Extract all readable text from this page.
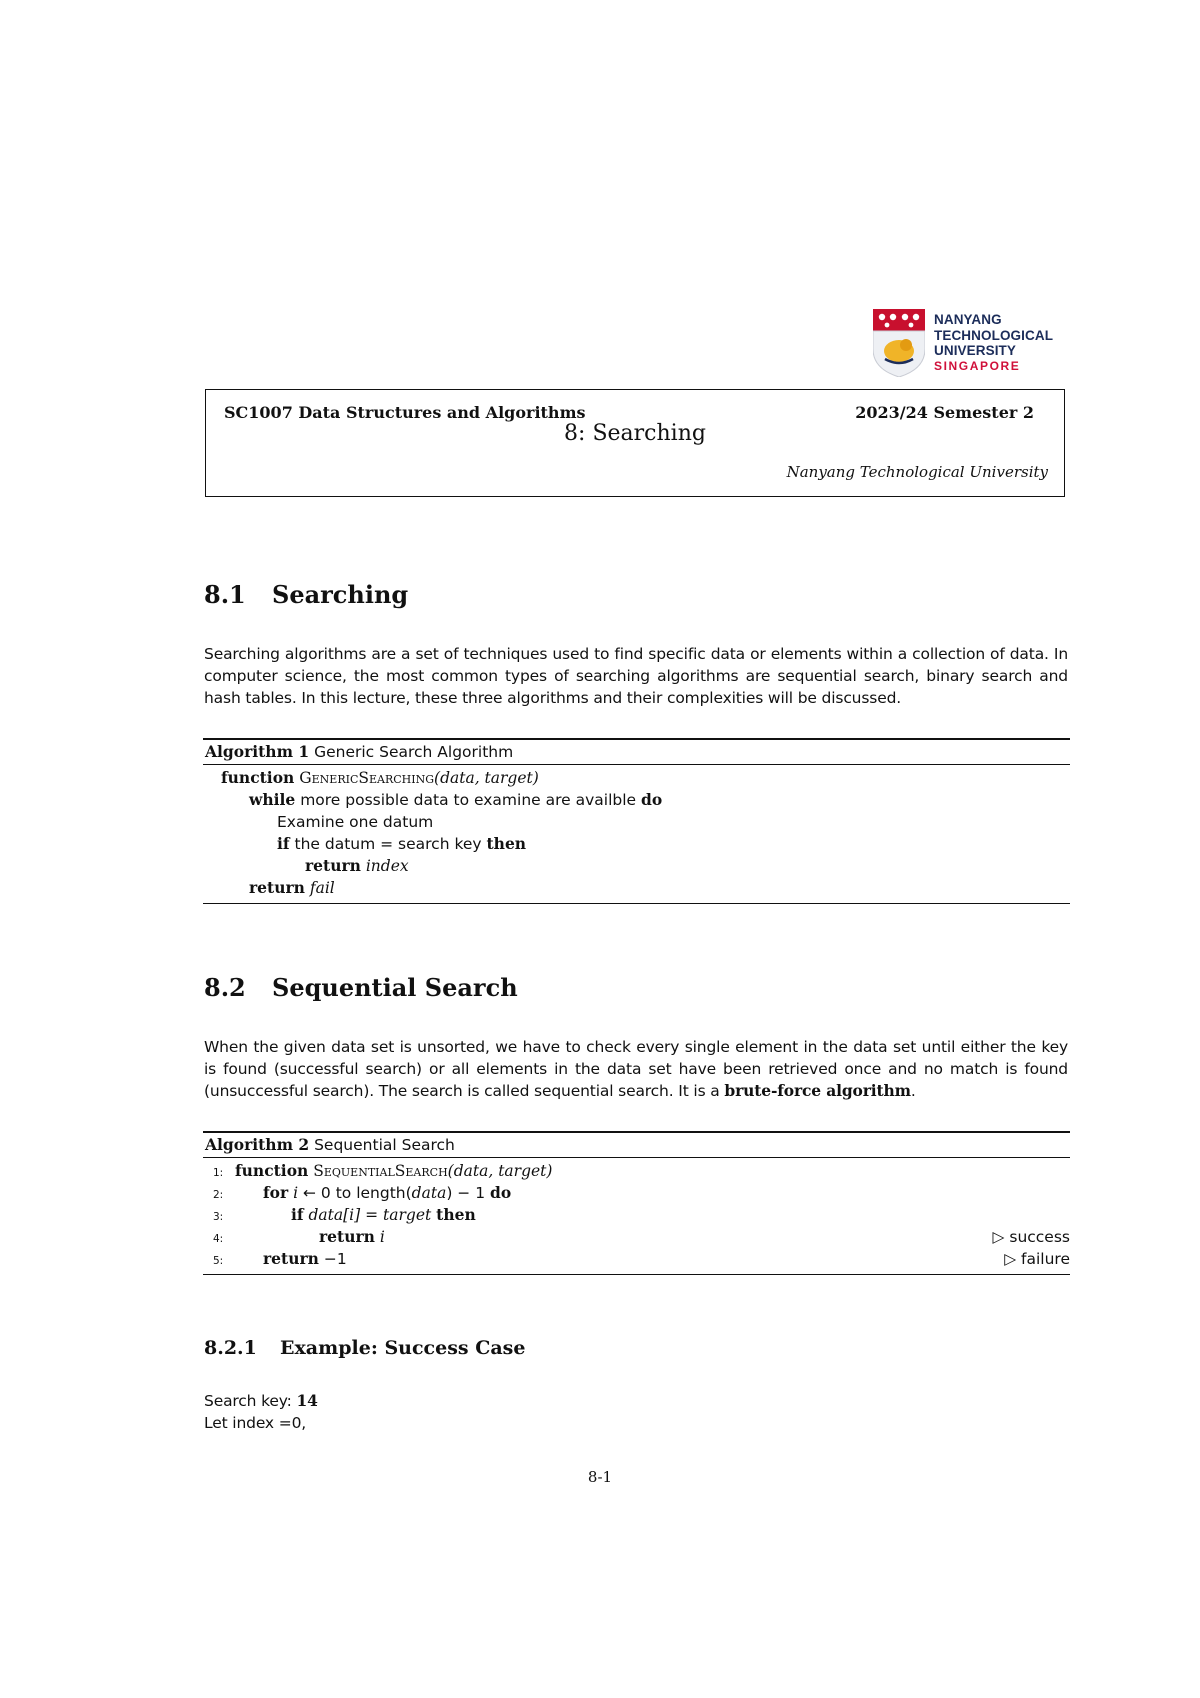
NANYANG
TECHNOLOGICAL
UNIVERSITY
SINGAPORE
SC1007 Data Structures and Algorithms	2023/24 Semester 2
8: Searching
Nanyang Technological University
8.1 Searching
Searching algorithms are a set of techniques used to find specific data or elements within a collection of data. In computer science, the most common types of searching algorithms are sequential search, binary search and hash tables. In this lecture, these three algorithms and their complexities will be discussed.
Algorithm 1 Generic Search Algorithm
function GenericSearching(data, target)
while more possible data to examine are availble do
Examine one datum
if the datum = search key then
return index
return fail
8.2 Sequential Search
When the given data set is unsorted, we have to check every single element in the data set until either the key is found (successful search) or all elements in the data set have been retrieved once and no match is found (unsuccessful search). The search is called sequential search. It is a brute-force algorithm.
Algorithm 2 Sequential Search
1: function SequentialSearch(data, target)
2:	for i ← 0 to length(data) − 1 do
3:	if data[i] = target then
4:	return i	▷ success
5:	return −1	▷ failure
8.2.1 Example: Success Case
Search key: 14
Let index =0,
8-1
